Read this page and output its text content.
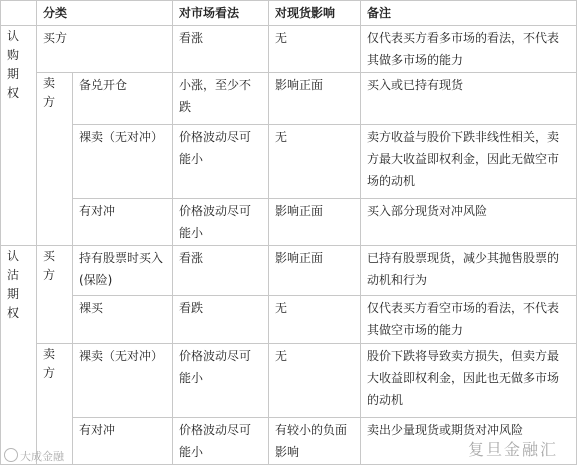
	分类		对市场看法	对现货影响	备注
认购期权	买方		看涨	无	仅代表买方看多市场的看法，不代表其做多市场的能力
	卖方	备兑开仓	小涨，至少不跌	影响正面	买入或已持有现货
		裸卖（无对冲）	价格波动尽可能小	无	卖方收益与股价下跌非线性相关，卖方最大收益即权利金，因此无做空市场的动机
		有对冲	价格波动尽可能小	影响正面	买入部分现货对冲风险
认沽期权	买方	持有股票时买入(保险)	看涨	影响正面	已持有股票现货，减少其抛售股票的动机和行为
		裸买	看跌	无	仅代表买方看空市场的看法，不代表其做空市场的能力
	卖方	裸卖（无对冲）	价格波动尽可能小	无	股价下跌将导致卖方损失，但卖方最大收益即权利金，因此也无做多市场的动机
		有对冲	价格波动尽可能小	有较小的负面影响	卖出少量现货或期货对冲风险
大成金融	复旦金融汇
